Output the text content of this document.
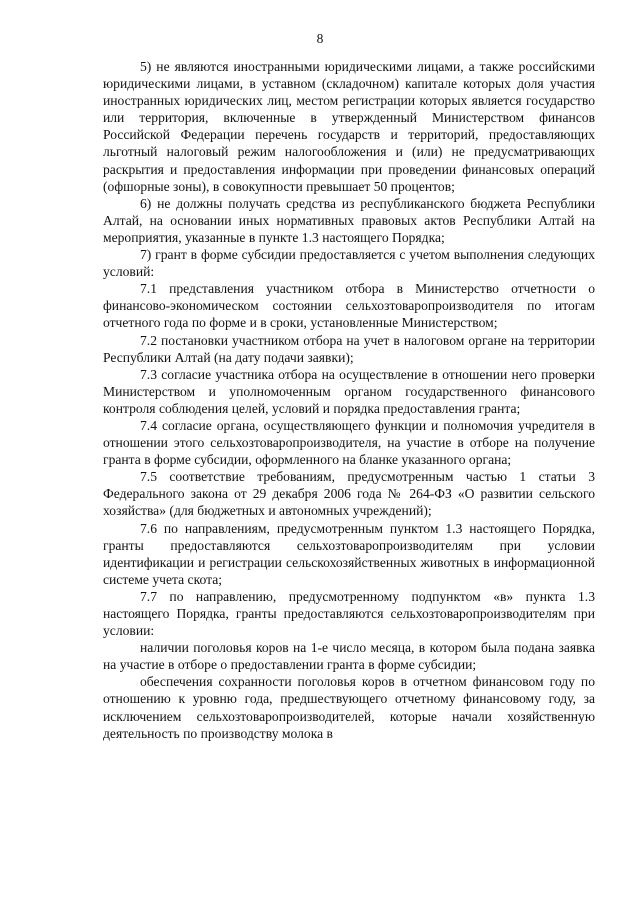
8

5) не являются иностранными юридическими лицами, а также российскими юридическими лицами, в уставном (складочном) капитале которых доля участия иностранных юридических лиц, местом регистрации которых является государство или территория, включенные в утвержденный Министерством финансов Российской Федерации перечень государств и территорий, предоставляющих льготный налоговый режим налогообложения и (или) не предусматривающих раскрытия и предоставления информации при проведении финансовых операций (офшорные зоны), в совокупности превышает 50 процентов;

6) не должны получать средства из республиканского бюджета Республики Алтай, на основании иных нормативных правовых актов Республики Алтай на мероприятия, указанные в пункте 1.3 настоящего Порядка;

7) грант в форме субсидии предоставляется с учетом выполнения следующих условий:

7.1 представления участником отбора в Министерство отчетности о финансово-экономическом состоянии сельхозтоваропроизводителя по итогам отчетного года по форме и в сроки, установленные Министерством;

7.2 постановки участником отбора на учет в налоговом органе на территории Республики Алтай (на дату подачи заявки);

7.3 согласие участника отбора на осуществление в отношении него проверки Министерством и уполномоченным органом государственного финансового контроля соблюдения целей, условий и порядка предоставления гранта;

7.4 согласие органа, осуществляющего функции и полномочия учредителя в отношении этого сельхозтоваропроизводителя, на участие в отборе на получение гранта в форме субсидии, оформленного на бланке указанного органа;

7.5 соответствие требованиям, предусмотренным частью 1 статьи 3 Федерального закона от 29 декабря 2006 года № 264-ФЗ «О развитии сельского хозяйства» (для бюджетных и автономных учреждений);

7.6 по направлениям, предусмотренным пунктом 1.3 настоящего Порядка, гранты предоставляются сельхозтоваропроизводителям при условии идентификации и регистрации сельскохозяйственных животных в информационной системе учета скота;

7.7 по направлению, предусмотренному подпунктом «в» пункта 1.3 настоящего Порядка, гранты предоставляются сельхозтоваропроизводителям при условии:

наличии поголовья коров на 1-е число месяца, в котором была подана заявка на участие в отборе о предоставлении гранта в форме субсидии;

обеспечения сохранности поголовья коров в отчетном финансовом году по отношению к уровню года, предшествующего отчетному финансовому году, за исключением сельхозтоваропроизводителей, которые начали хозяйственную деятельность по производству молока в
